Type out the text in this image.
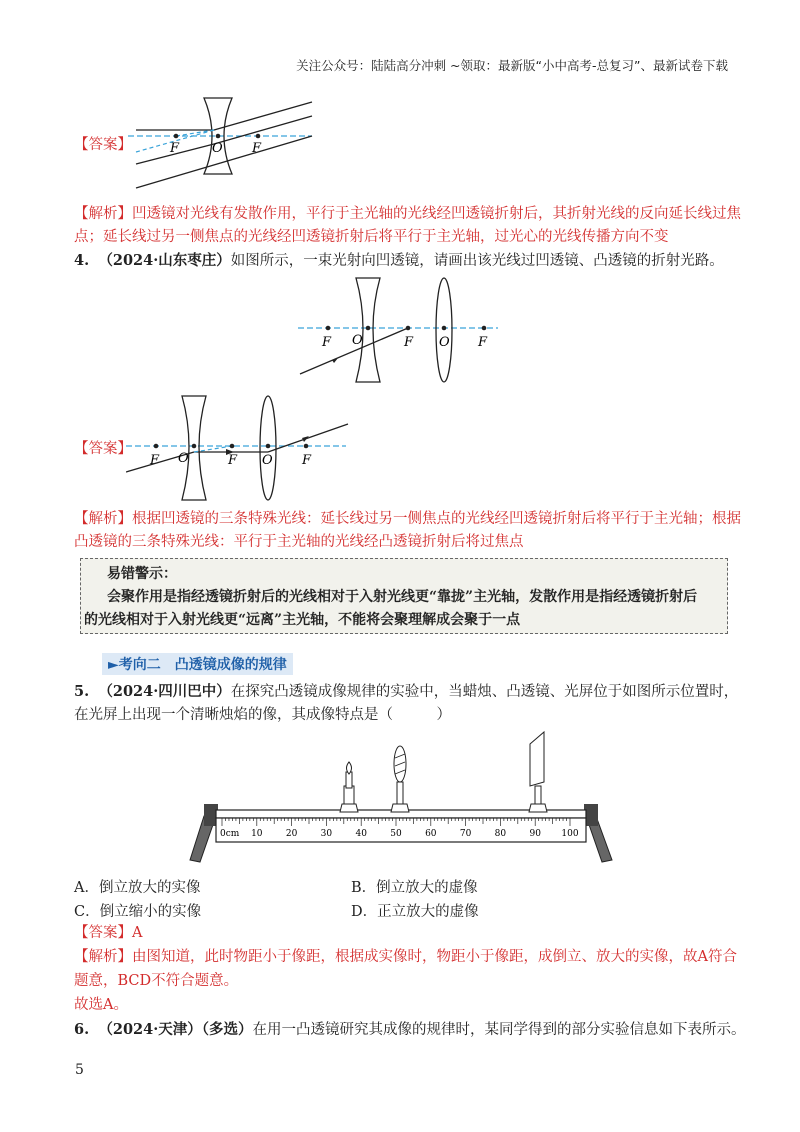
关注公众号：陆陆高分冲刺 ~领取：最新版“小中高考-总复习”、最新试卷下载
【答案】	F	O F
【解析】凹透镜对光线有发散作用，平行于主光轴的光线经凹透镜折射后，其折射光线的反向延长线过焦
点；延长线过另一侧焦点的光线经凹透镜折射后将平行于主光轴，过光心的光线传播方向不变
4. （2024·山东枣庄）如图所示，一束光射向凹透镜，请画出该光线过凹透镜、凸透镜的折射光路。
F O	F O F
【答案】
F O	F O F
【解析】根据凹透镜的三条特殊光线：延长线过另一侧焦点的光线经凹透镜折射后将平行于主光轴；根据
凸透镜的三条特殊光线：平行于主光轴的光线经凸透镜折射后将过焦点
易错警示：
会聚作用是指经透镜折射后的光线相对于入射光线更“靠拢”主光轴，发散作用是指经透镜折射后
的光线相对于入射光线更“远离”主光轴，不能将会聚理解成会聚于一点
►考向二　凸透镜成像的规律
5. （2024·四川巴中）在探究凸透镜成像规律的实验中，当蜡烛、凸透镜、光屏位于如图所示位置时，
在光屏上出现一个清晰烛焰的像，其成像特点是（　　　）
0cm 10	20	30	40	50	60	70	80	90 100
A．倒立放大的实像	B．倒立放大的虚像
C．倒立缩小的实像	D．正立放大的虚像
【答案】A
【解析】由图知道，此时物距小于像距，根据成实像时，物距小于像距，成倒立、放大的实像，故A符合
题意，BCD不符合题意。
故选A。
6. （2024·天津）（多选）在用一凸透镜研究其成像的规律时，某同学得到的部分实验信息如下表所示。
5
